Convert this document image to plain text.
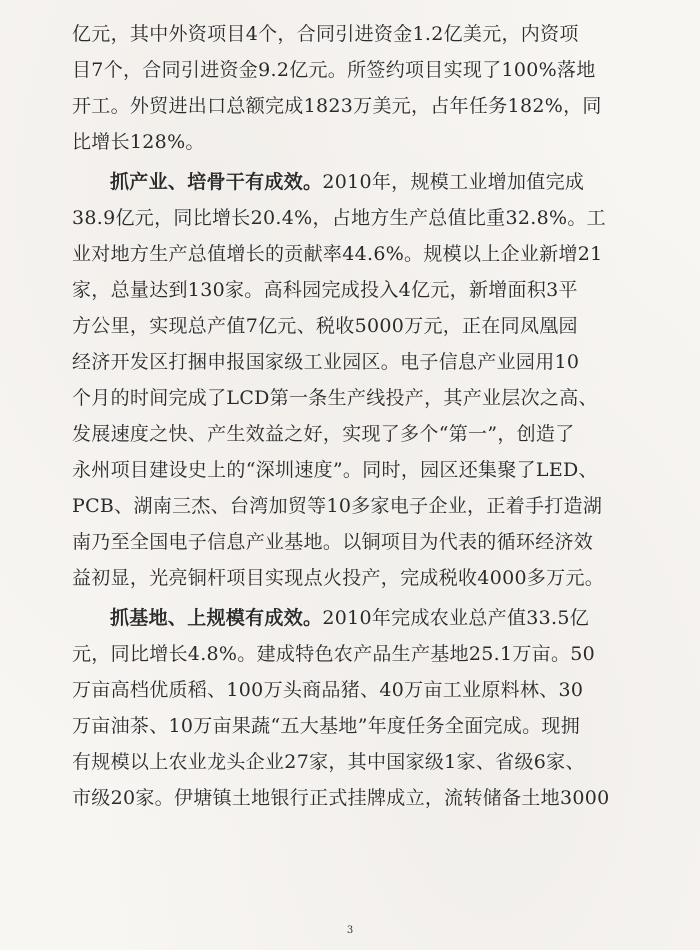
亿元，其中外资项目4个，合同引进资金1.2亿美元，内资项
目7个，合同引进资金9.2亿元。所签约项目实现了100%落地
开工。外贸进出口总额完成1823万美元，占年任务182%，同
比增长128%。
抓产业、培骨干有成效。2010年，规模工业增加值完成
38.9亿元，同比增长20.4%，占地方生产总值比重32.8%。工
业对地方生产总值增长的贡献率44.6%。规模以上企业新增21
家，总量达到130家。高科园完成投入4亿元，新增面积3平
方公里，实现总产值7亿元、税收5000万元，正在同凤凰园
经济开发区打捆申报国家级工业园区。电子信息产业园用10
个月的时间完成了LCD第一条生产线投产，其产业层次之高、
发展速度之快、产生效益之好，实现了多个“第一”，创造了
永州项目建设史上的“深圳速度”。同时，园区还集聚了LED、
PCB、湖南三杰、台湾加贸等10多家电子企业，正着手打造湖
南乃至全国电子信息产业基地。以铜项目为代表的循环经济效
益初显，光亮铜杆项目实现点火投产，完成税收4000多万元。
抓基地、上规模有成效。2010年完成农业总产值33.5亿
元，同比增长4.8%。建成特色农产品生产基地25.1万亩。50
万亩高档优质稻、100万头商品猪、40万亩工业原料林、30
万亩油茶、10万亩果蔬“五大基地”年度任务全面完成。现拥
有规模以上农业龙头企业27家，其中国家级1家、省级6家、
市级20家。伊塘镇土地银行正式挂牌成立，流转储备土地3000
3
